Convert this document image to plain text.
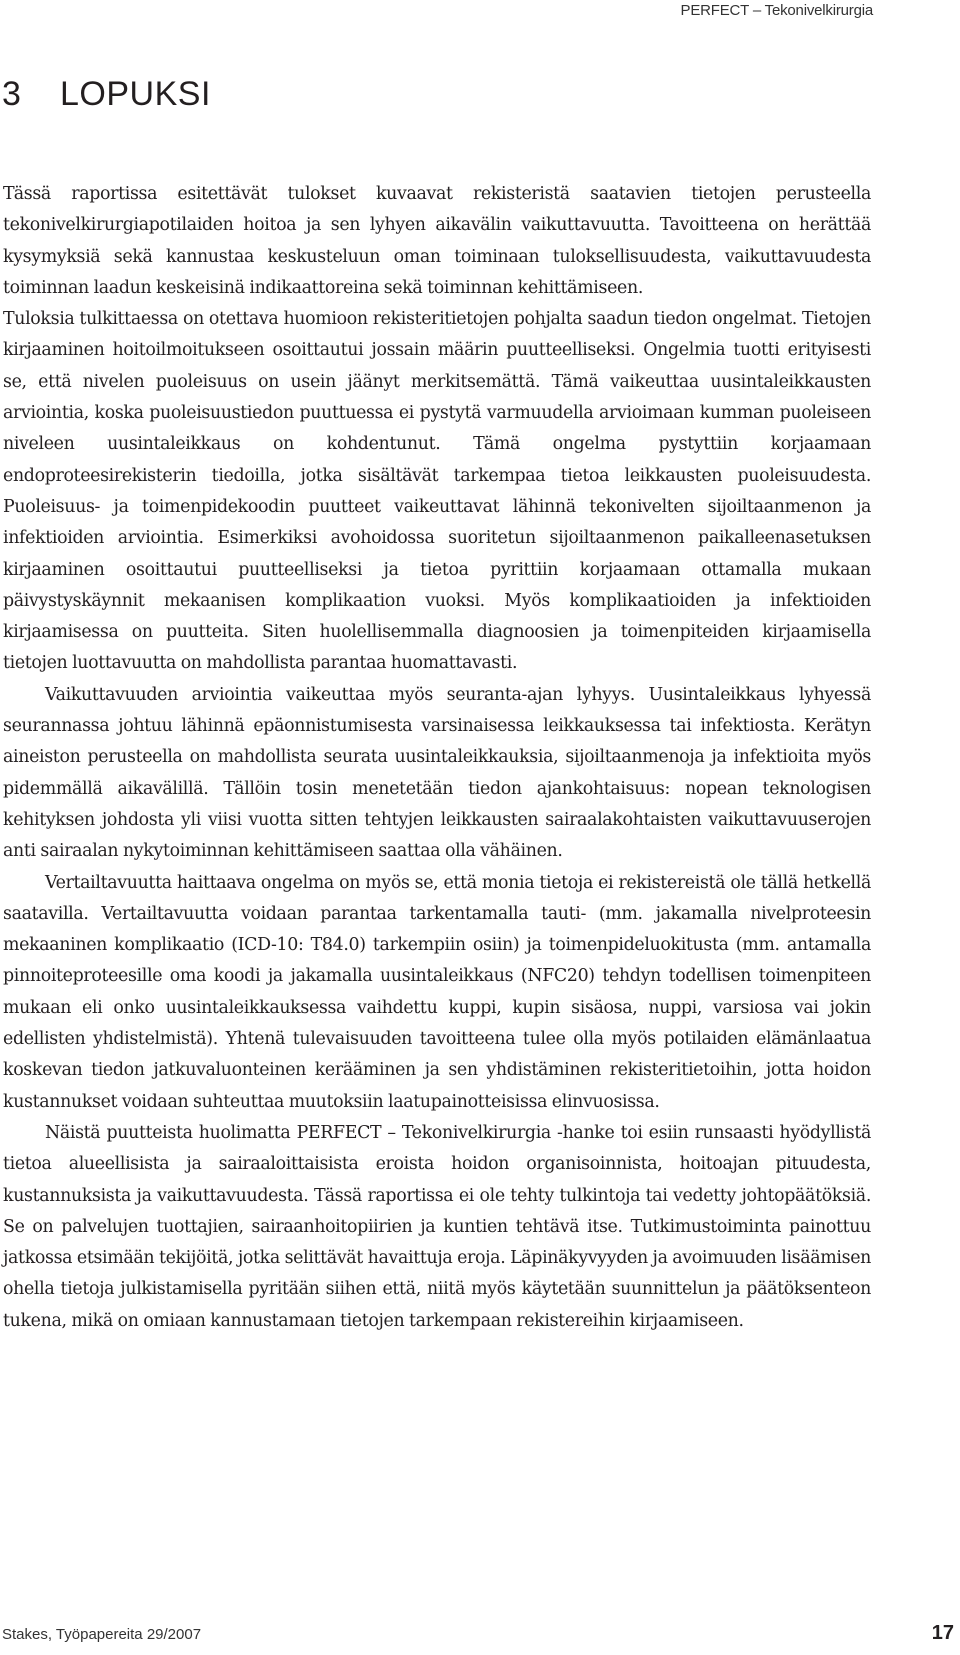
PERFECT – Tekonivelkirurgia
3 LOPUKSI

Tässä raportissa esitettävät tulokset kuvaavat rekisteristä saatavien tietojen perusteella tekonivelkirurgiapotilaiden hoitoa ja sen lyhyen aikavälin vaikuttavuutta. Tavoitteena on herättää kysymyksiä sekä kannustaa keskusteluun oman toiminaan tuloksellisuudesta, vaikuttavuudesta toiminnan laadun keskeisinä indikaattoreina sekä toiminnan kehittämiseen.

Tuloksia tulkittaessa on otettava huomioon rekisteritietojen pohjalta saadun tiedon ongelmat. Tietojen kirjaaminen hoitoilmoitukseen osoittautui jossain määrin puutteelliseksi. Ongelmia tuotti erityisesti se, että nivelen puoleisuus on usein jäänyt merkitsemättä. Tämä vaikeuttaa uusintaleikkausten arviointia, koska puoleisuustiedon puuttuessa ei pystytä varmuudella arvioimaan kumman puoleiseen niveleen uusintaleikkaus on kohdentunut. Tämä ongelma pystyttiin korjaamaan endoproteesirekisterin tiedoilla, jotka sisältävät tarkempaa tietoa leikkausten puoleisuudesta. Puoleisuus- ja toimenpidekoodin puutteet vaikeuttavat lähinnä tekonivelten sijoiltaanmenon ja infektioiden arviointia. Esimerkiksi avohoidossa suoritetun sijoiltaanmenon paikalleenasetuksen kirjaaminen osoittautui puutteelliseksi ja tietoa pyrittiin korjaamaan ottamalla mukaan päivystyskäynnit mekaanisen komplikaation vuoksi. Myös komplikaatioiden ja infektioiden kirjaamisessa on puutteita. Siten huolellisemmalla diagnoosien ja toimenpiteiden kirjaamisella tietojen luottavuutta on mahdollista parantaa huomattavasti.

Vaikuttavuuden arviointia vaikeuttaa myös seuranta-ajan lyhyys. Uusintaleikkaus lyhyessä seurannassa johtuu lähinnä epäonnistumisesta varsinaisessa leikkauksessa tai infektiosta. Kerätyn aineiston perusteella on mahdollista seurata uusintaleikkauksia, sijoiltaanmenoja ja infektioita myös pidemmällä aikavälillä. Tällöin tosin menetetään tiedon ajankohtaisuus: nopean teknologisen kehityksen johdosta yli viisi vuotta sitten tehtyjen leikkausten sairaalakohtaisten vaikuttavuuserojen anti sairaalan nykytoiminnan kehittämiseen saattaa olla vähäinen.

Vertailtavuutta haittaava ongelma on myös se, että monia tietoja ei rekistereistä ole tällä hetkellä saatavilla. Vertailtavuutta voidaan parantaa tarkentamalla tauti- (mm. jakamalla nivelproteesin mekaaninen komplikaatio (ICD-10: T84.0) tarkempiin osiin) ja toimenpideluokitusta (mm. antamalla pinnoiteproteesille oma koodi ja jakamalla uusintaleikkaus (NFC20) tehdyn todellisen toimenpiteen mukaan eli onko uusintaleikkauksessa vaihdettu kuppi, kupin sisäosa, nuppi, varsiosa vai jokin edellisten yhdistelmistä). Yhtenä tulevaisuuden tavoitteena tulee olla myös potilaiden elämänlaatua koskevan tiedon jatkuvaluonteinen kerääminen ja sen yhdistäminen rekisteritietoihin, jotta hoidon kustannukset voidaan suhteuttaa muutoksiin laatupainotteisissa elinvuosissa.

Näistä puutteista huolimatta PERFECT – Tekonivelkirurgia -hanke toi esiin runsaasti hyödyllistä tietoa alueellisista ja sairaaloittaisista eroista hoidon organisoinnista, hoitoajan pituudesta, kustannuksista ja vaikuttavuudesta. Tässä raportissa ei ole tehty tulkintoja tai vedetty johtopäätöksiä. Se on palvelujen tuottajien, sairaanhoitopiirien ja kuntien tehtävä itse. Tutkimustoiminta painottuu jatkossa etsimään tekijöitä, jotka selittävät havaittuja eroja. Läpinäkyvyyden ja avoimuuden lisäämisen ohella tietoja julkistamisella pyritään siihen että, niitä myös käytetään suunnittelun ja päätöksenteon tukena, mikä on omiaan kannustamaan tietojen tarkempaan rekistereihin kirjaamiseen.

Stakes, Työpapereita 29/2007	17
